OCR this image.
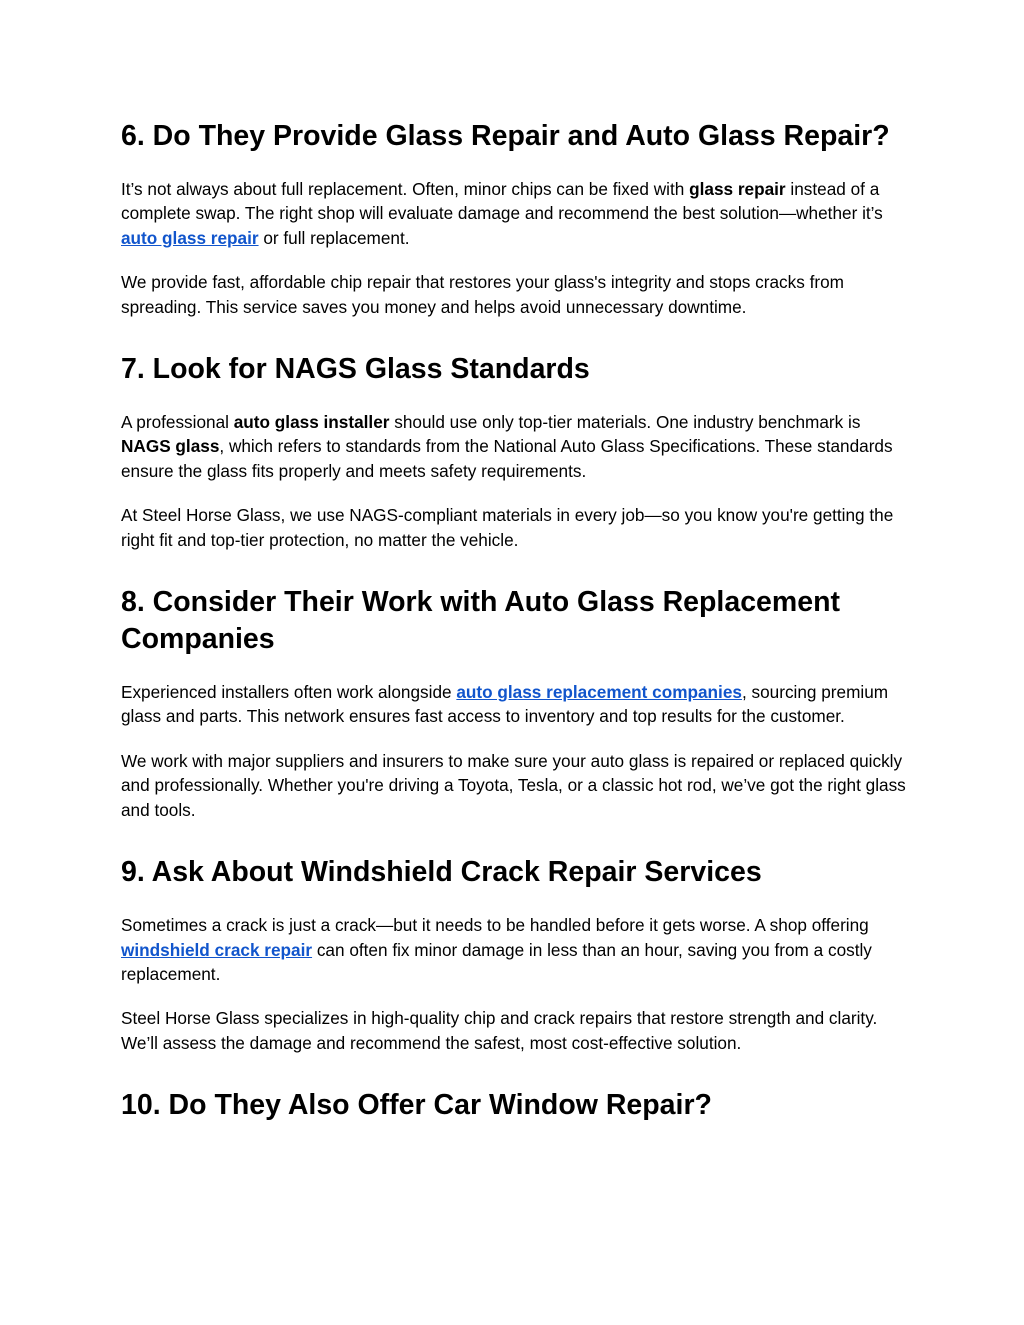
6. Do They Provide Glass Repair and Auto Glass Repair?

It’s not always about full replacement. Often, minor chips can be fixed with glass repair instead of a complete swap. The right shop will evaluate damage and recommend the best solution—whether it’s auto glass repair or full replacement.

We provide fast, affordable chip repair that restores your glass's integrity and stops cracks from spreading. This service saves you money and helps avoid unnecessary downtime.

7. Look for NAGS Glass Standards

A professional auto glass installer should use only top-tier materials. One industry benchmark is NAGS glass, which refers to standards from the National Auto Glass Specifications. These standards ensure the glass fits properly and meets safety requirements.

At Steel Horse Glass, we use NAGS-compliant materials in every job—so you know you're getting the right fit and top-tier protection, no matter the vehicle.

8. Consider Their Work with Auto Glass Replacement Companies

Experienced installers often work alongside auto glass replacement companies, sourcing premium glass and parts. This network ensures fast access to inventory and top results for the customer.

We work with major suppliers and insurers to make sure your auto glass is repaired or replaced quickly and professionally. Whether you're driving a Toyota, Tesla, or a classic hot rod, we’ve got the right glass and tools.

9. Ask About Windshield Crack Repair Services

Sometimes a crack is just a crack—but it needs to be handled before it gets worse. A shop offering windshield crack repair can often fix minor damage in less than an hour, saving you from a costly replacement.

Steel Horse Glass specializes in high-quality chip and crack repairs that restore strength and clarity. We’ll assess the damage and recommend the safest, most cost-effective solution.

10. Do They Also Offer Car Window Repair?
